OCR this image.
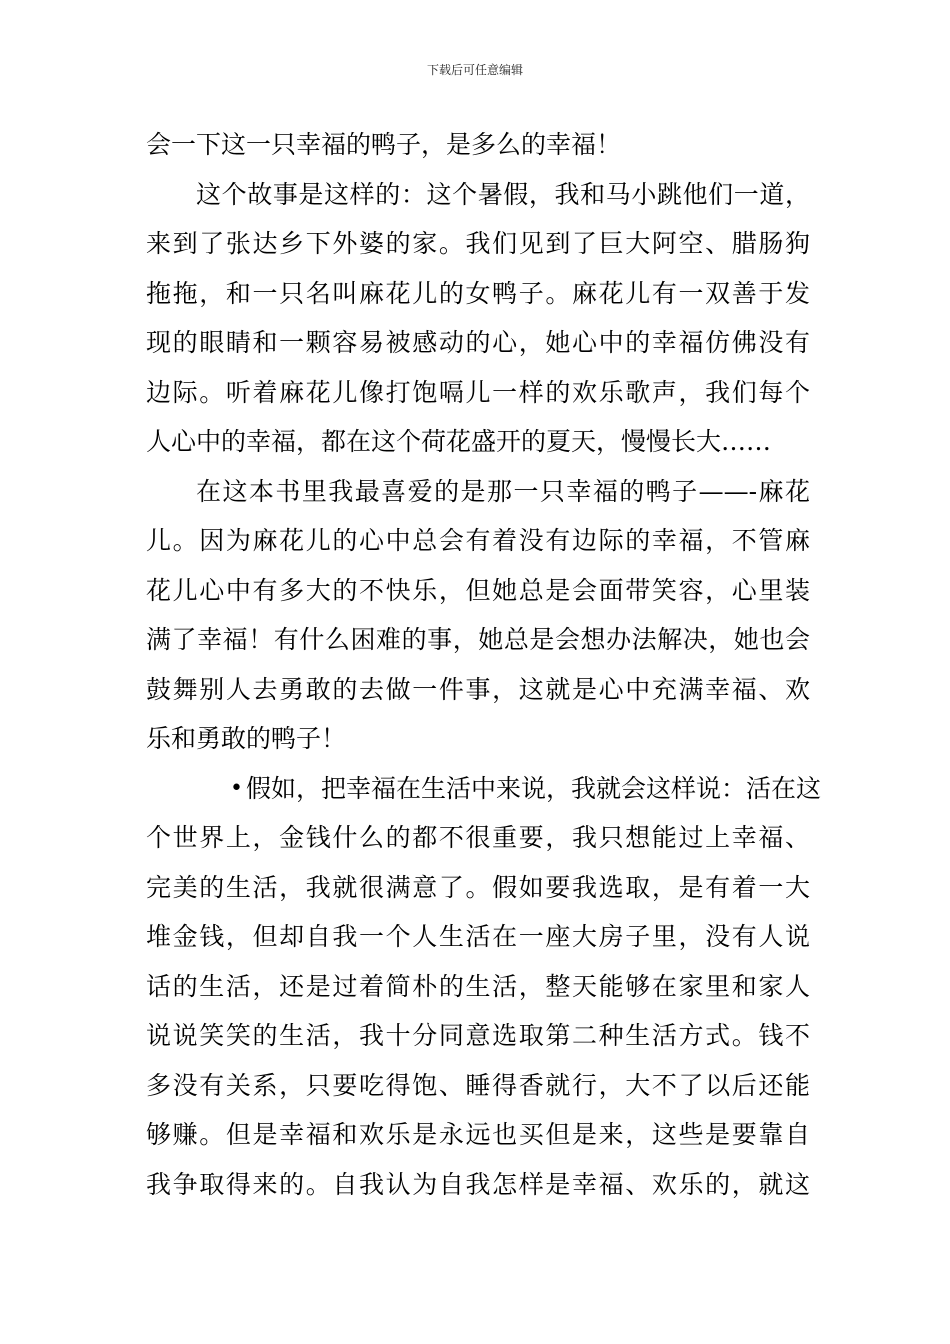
下载后可任意编辑
会一下这一只幸福的鸭子，是多么的幸福！
这个故事是这样的：这个暑假，我和马小跳他们一道，
来到了张达乡下外婆的家。我们见到了巨大阿空、腊肠狗
拖拖，和一只名叫麻花儿的女鸭子。麻花儿有一双善于发
现的眼睛和一颗容易被感动的心，她心中的幸福仿佛没有
边际。听着麻花儿像打饱嗝儿一样的欢乐歌声，我们每个
人心中的幸福，都在这个荷花盛开的夏天，慢慢长大……
在这本书里我最喜爱的是那一只幸福的鸭子——-麻花
儿。因为麻花儿的心中总会有着没有边际的幸福，不管麻
花儿心中有多大的不快乐，但她总是会面带笑容，心里装
满了幸福！有什么困难的事，她总是会想办法解决，她也会
鼓舞别人去勇敢的去做一件事，这就是心中充满幸福、欢
乐和勇敢的鸭子！
假如，把幸福在生活中来说，我就会这样说：活在这
•
个世界上，金钱什么的都不很重要，我只想能过上幸福、
完美的生活，我就很满意了。假如要我选取，是有着一大
堆金钱，但却自我一个人生活在一座大房子里，没有人说
话的生活，还是过着简朴的生活，整天能够在家里和家人
说说笑笑的生活，我十分同意选取第二种生活方式。钱不
多没有关系，只要吃得饱、睡得香就行，大不了以后还能
够赚。但是幸福和欢乐是永远也买但是来，这些是要靠自
我争取得来的。自我认为自我怎样是幸福、欢乐的，就这
